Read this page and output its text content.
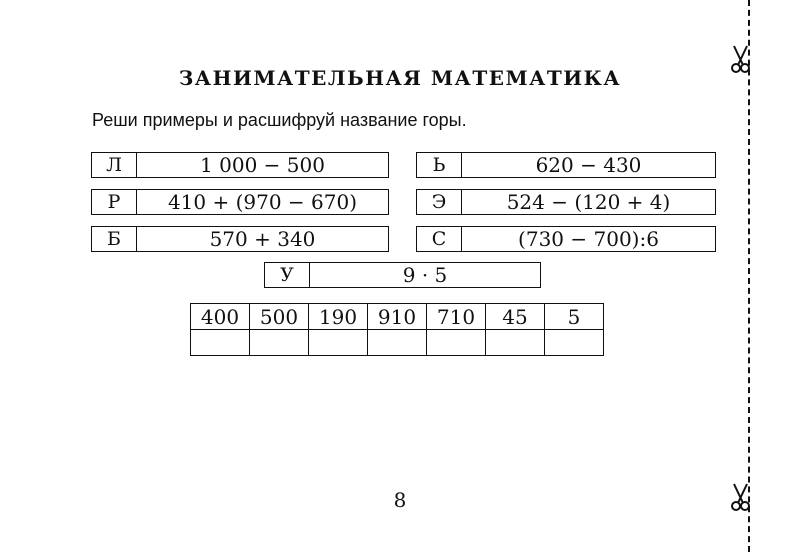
ЗАНИМАТЕЛЬНАЯ МАТЕМАТИКА
Реши примеры и расшифруй название горы.
Л	1 000 − 500
Р	410 + (970 − 670)
Б	570 + 340
Ь	620 − 430
Э	524 − (120 + 4)
С	(730 − 700):6
У	9 · 5
400	500	190	910	710	45	5

8
